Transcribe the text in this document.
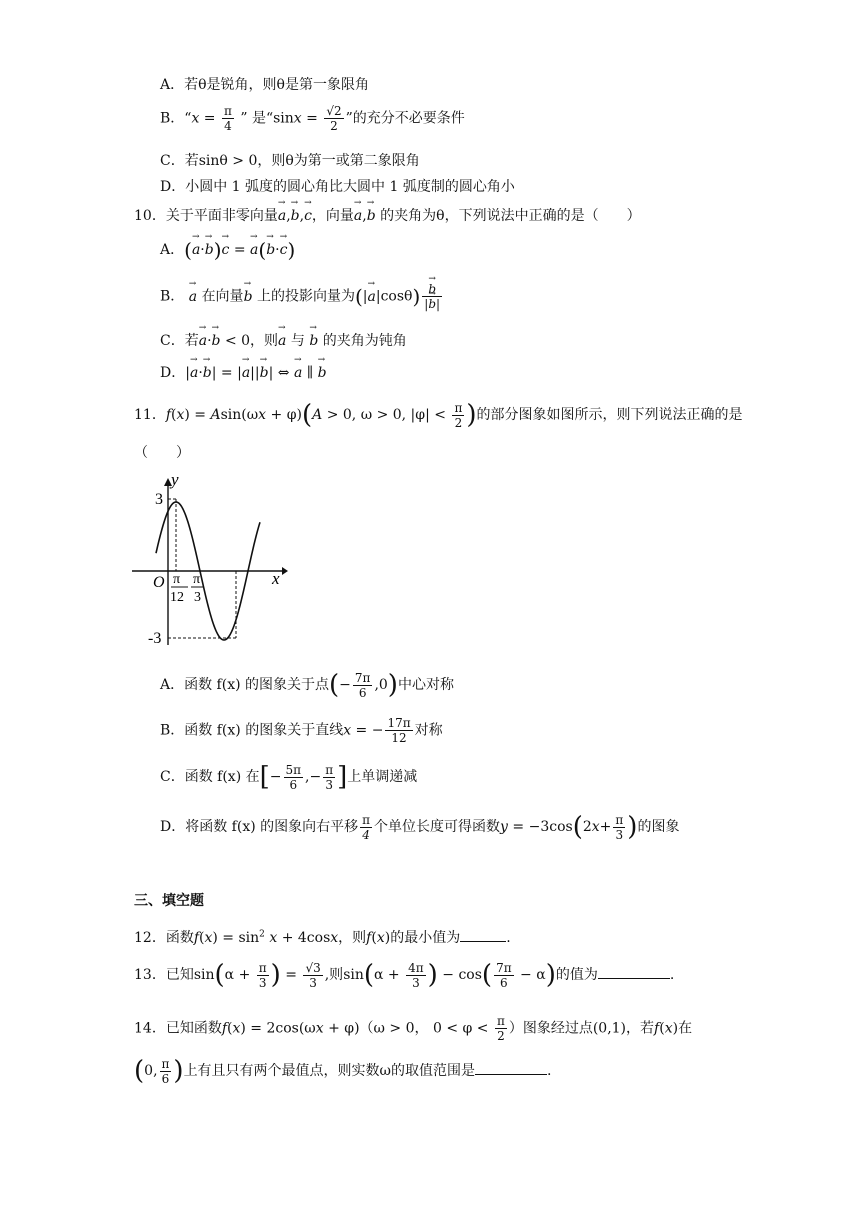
A．若θ是锐角，则θ是第一象限角
B．“$x = \frac{\pi}{4}$ ” 是“$\sin x = \frac{√2}{2}$ ”的充分不必要条件
C．若sinθ > 0，则θ为第一或第二象限角
D．小圆中 1 弧度的圆心角比大圆中 1 弧度制的圆心角小
10．关于平面非零向量→ a,→ b,→ c，向量→ a,→ b 的夹角为θ，下列说法中正确的是（　　）
A．(→ a·→ b)→ c = → a(→ b·→ c)
B． → a 在向量→ b 上的投影向量为(|→ a|cosθ)
→ $\frac{b}{|\to b|}$
C．若→ a·→ b < 0，则→ a 与 → b 的夹角为钝角
D．|→ a·→ b| = |→ a||→ b| ⇔ → a ∥ → b
11．f(x) = Asin(ωx + φ)(A > 0, ω > 0, $|\varphi| < \frac{\pi}{2}$ )的部分图象如图所示，则下列说法正确的是
（　　）
y
x
O
3
-3
π
12
π
3
A．函数 f(x) 的图象关于点(− $\frac{7\pi}{6} ,0$)中心对称
B．函数 f(x) 的图象关于直线x = − $\frac{17\pi}{12}$ 对称
C．函数 f(x) 在[− $\frac{5\pi}{6}$ ,− $\frac{\pi}{3}$ ]上单调递减
D．将函数 f(x) 的图象向右平移 $\frac{\pi}{4}$ 个单位长度可得函数$y = -3\cos(2x+ \frac{\pi}{3}$ )的图象
三、填空题
12．函数$f(x) = \sin^2 x + 4\cos x$，则f(x)的最小值为	.
13．已知$\sin(\alpha + \frac{\pi}{3}$ ) = $\frac{√3}{3}$ ,则$\sin(\alpha + \frac{4\pi}{3}$ ) − $\cos( \frac{7\pi}{6} - \alpha)$的值为	.
14．已知函数f(x) = 2cos(ωx + φ)（ω > 0， $0 < \varphi < \frac{\pi}{2}$ ）图象经过点(0,1)，若f(x)在
(0, $\frac{\pi}{6}$ )上有且只有两个最值点，则实数ω的取值范围是	.
